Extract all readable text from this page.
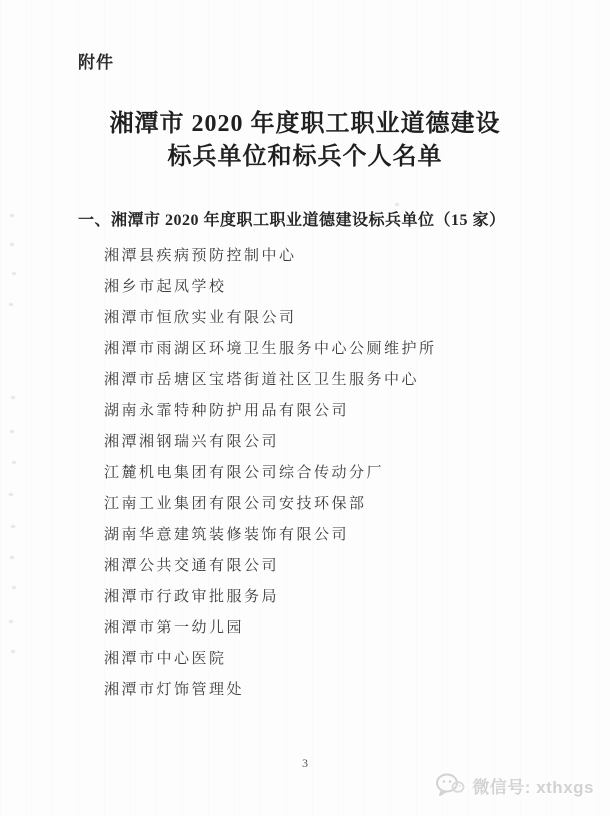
附件
湘潭市 2020 年度职工职业道德建设
标兵单位和标兵个人名单
一、湘潭市 2020 年度职工职业道德建设标兵单位（15 家）
湘潭县疾病预防控制中心
湘乡市起凤学校
湘潭市恒欣实业有限公司
湘潭市雨湖区环境卫生服务中心公厕维护所
湘潭市岳塘区宝塔街道社区卫生服务中心
湖南永霏特种防护用品有限公司
湘潭湘钢瑞兴有限公司
江麓机电集团有限公司综合传动分厂
江南工业集团有限公司安技环保部
湖南华意建筑装修装饰有限公司
湘潭公共交通有限公司
湘潭市行政审批服务局
湘潭市第一幼儿园
湘潭市中心医院
湘潭市灯饰管理处
3
微信号: xthxgs
